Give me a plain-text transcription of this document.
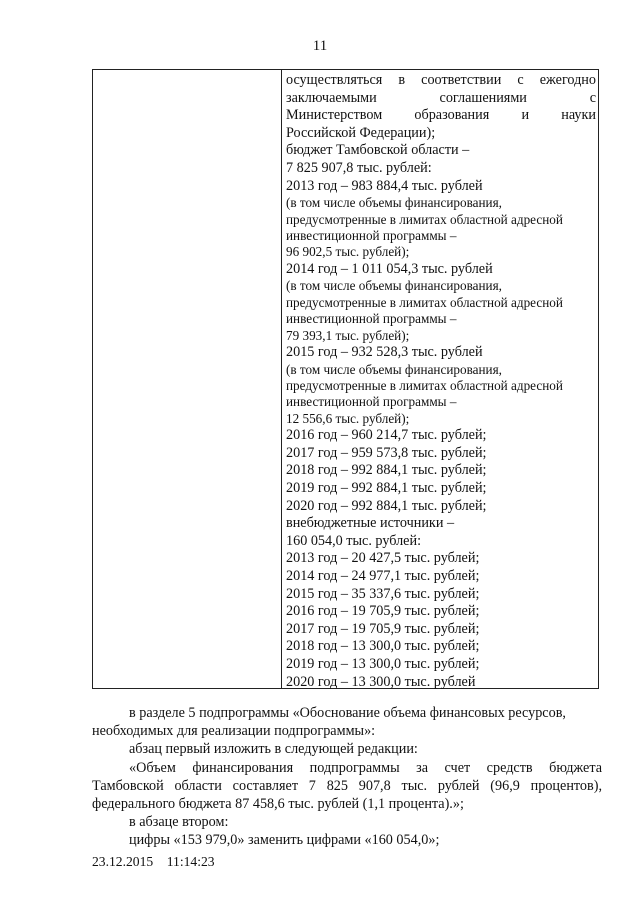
11
осуществляться в соответствии с ежегодно
заключаемыми соглашениями с
Министерством образования и науки
Российской Федерации);
бюджет Тамбовской области –
7 825 907,8 тыс. рублей:
2013 год – 983 884,4 тыс. рублей
(в том числе объемы финансирования,
предусмотренные в лимитах областной адресной
инвестиционной программы –
96 902,5 тыс. рублей);
2014 год – 1 011 054,3 тыс. рублей
(в том числе объемы финансирования,
предусмотренные в лимитах областной адресной
инвестиционной программы –
79 393,1 тыс. рублей);
2015 год – 932 528,3 тыс. рублей
(в том числе объемы финансирования,
предусмотренные в лимитах областной адресной
инвестиционной программы –
12 556,6 тыс. рублей);
2016 год – 960 214,7 тыс. рублей;
2017 год – 959 573,8 тыс. рублей;
2018 год – 992 884,1 тыс. рублей;
2019 год – 992 884,1 тыс. рублей;
2020 год – 992 884,1 тыс. рублей;
внебюджетные источники –
160 054,0 тыс. рублей:
2013 год – 20 427,5 тыс. рублей;
2014 год – 24 977,1 тыс. рублей;
2015 год – 35 337,6 тыс. рублей;
2016 год – 19 705,9 тыс. рублей;
2017 год – 19 705,9 тыс. рублей;
2018 год – 13 300,0 тыс. рублей;
2019 год – 13 300,0 тыс. рублей;
2020 год – 13 300,0 тыс. рублей
в разделе 5 подпрограммы «Обоснование объема финансовых ресурсов,
необходимых для реализации подпрограммы»:
абзац первый изложить в следующей редакции:
«Объем финансирования подпрограммы за счет средств бюджета
Тамбовской области составляет 7 825 907,8 тыс. рублей (96,9 процентов),
федерального бюджета 87 458,6 тыс. рублей (1,1 процента).»;
в абзаце втором:
цифры «153 979,0» заменить цифрами «160 054,0»;
23.12.2015    11:14:23
